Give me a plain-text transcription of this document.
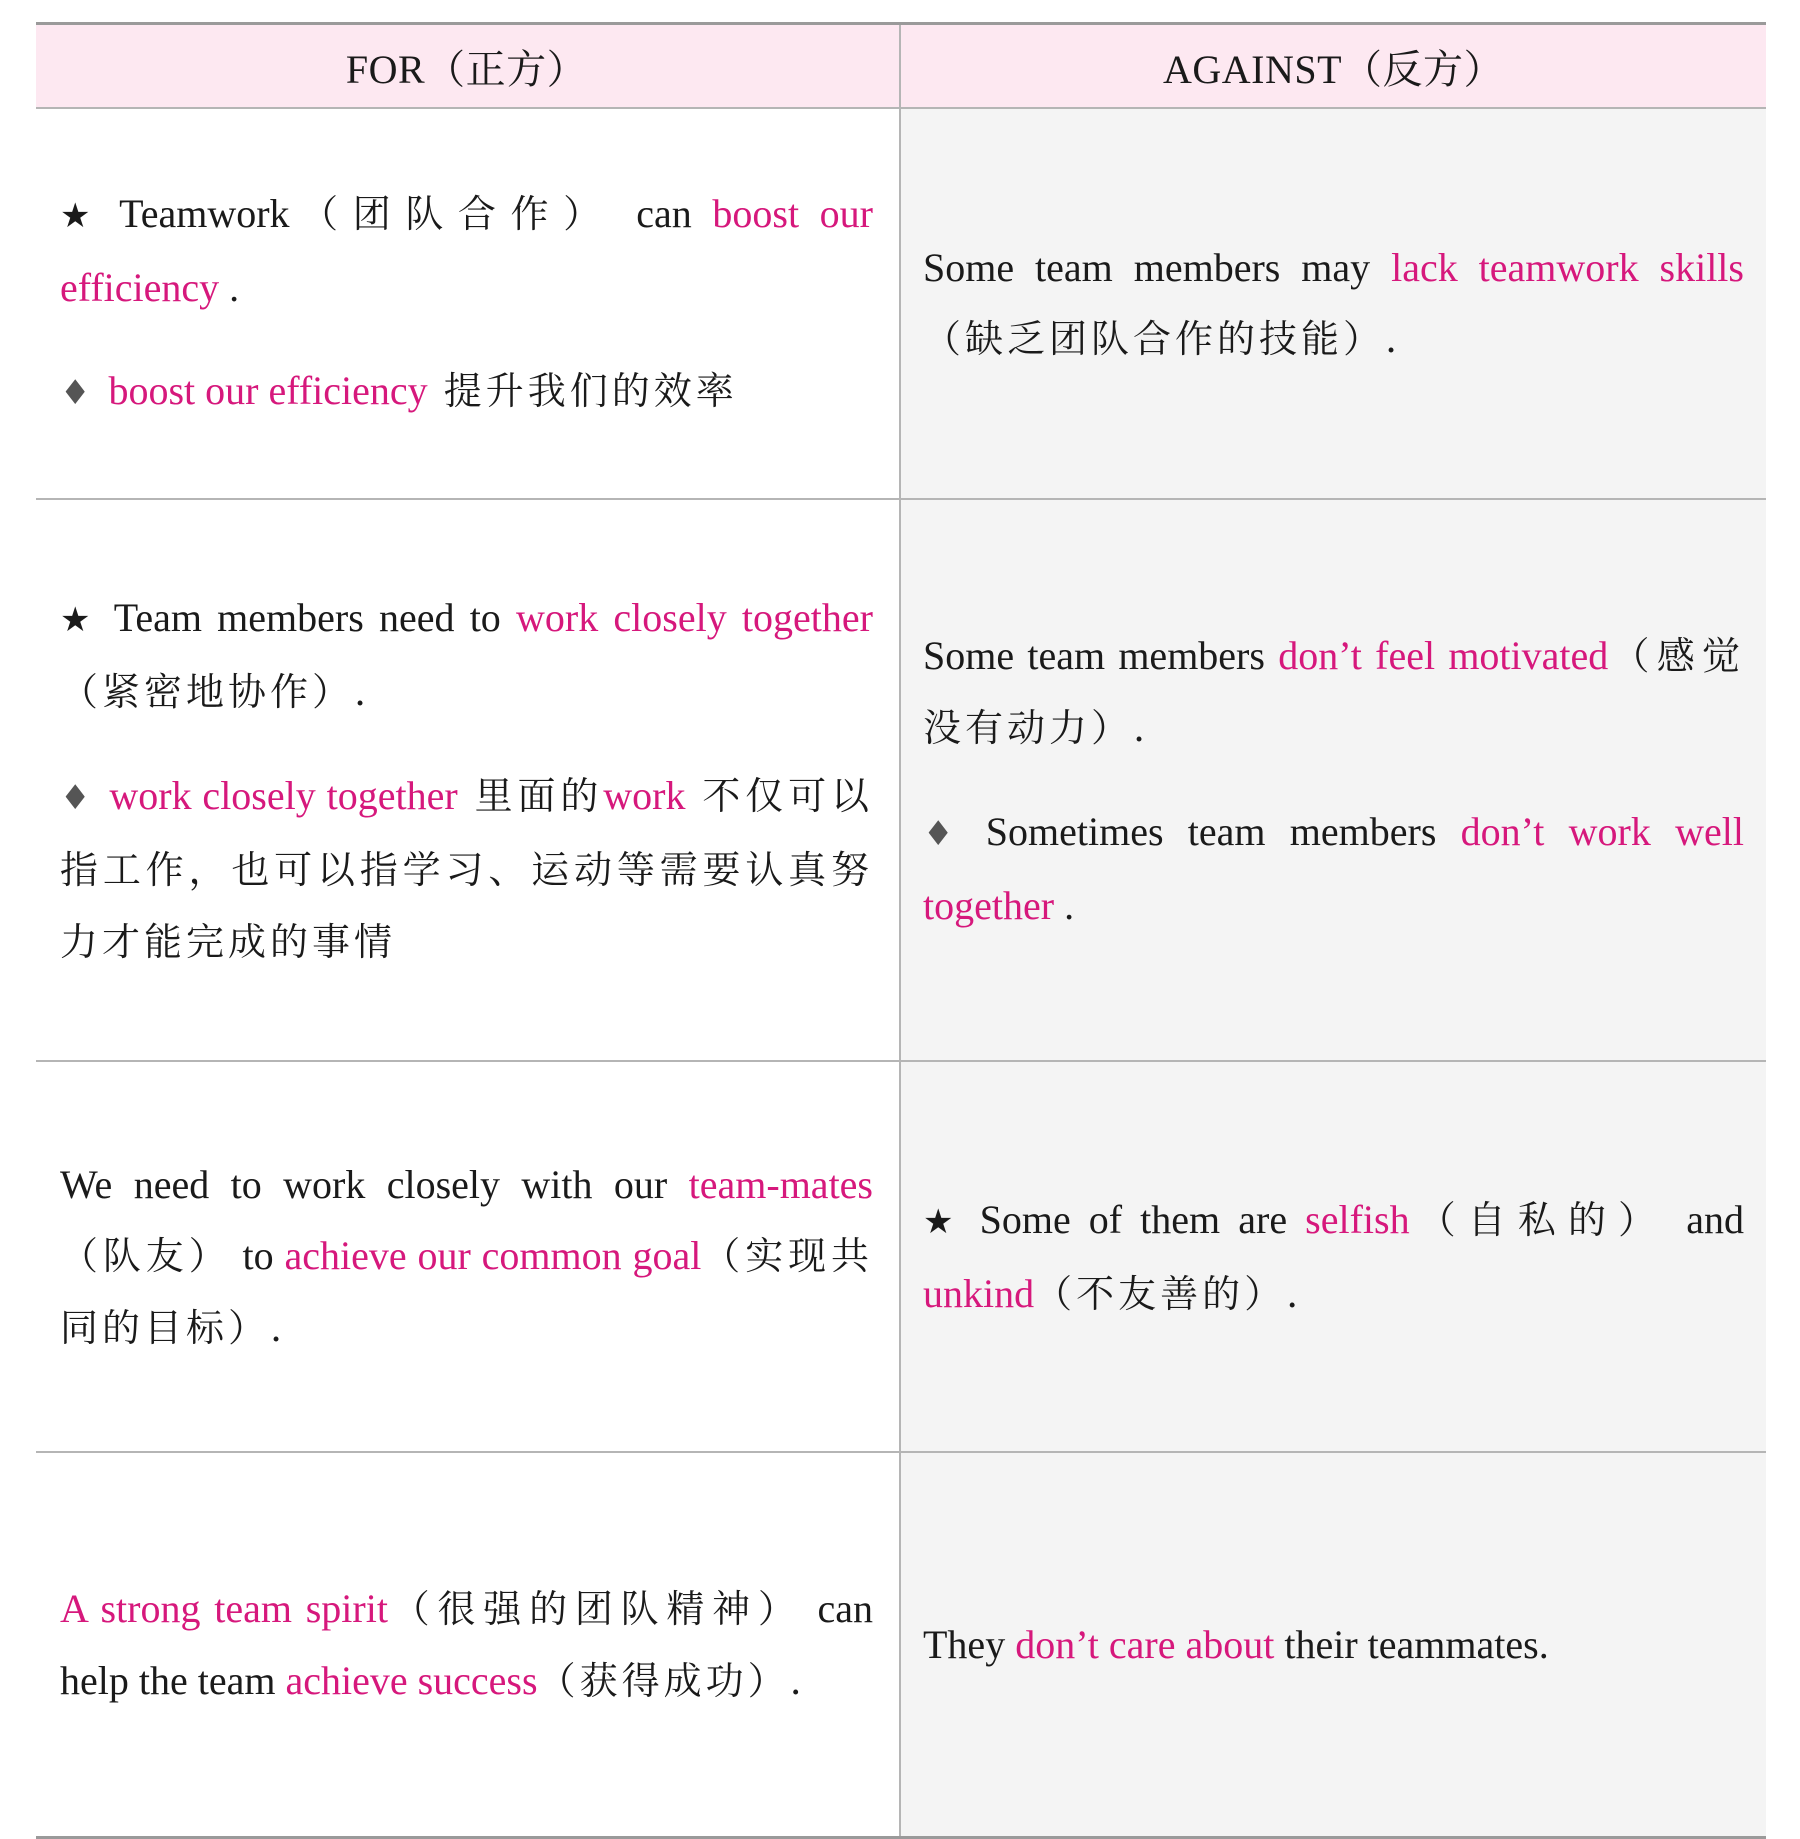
FOR（正方）	AGAINST（反方）

★ Teamwork（团队合作） can boost our efficiency .

♦ boost our efficiency 提升我们的效率

Some team members may lack teamwork skills（缺乏团队合作的技能）.

★ Team members need to work closely together（紧密地协作）.

♦ work closely together 里面的work 不仅可以指工作，也可以指学习、运动等需要认真努力才能完成的事情

Some team members don’t feel motivated（感觉没有动力）.

♦ Sometimes team members don’t work well together .

We need to work closely with our team-mates（队友） to achieve our common goal（实现共同的目标）.

★ Some of them are selfish（自私的） and unkind（不友善的）.

A strong team spirit（很强的团队精神） can help the team achieve success（获得成功）.

They don’t care about their teammates.
